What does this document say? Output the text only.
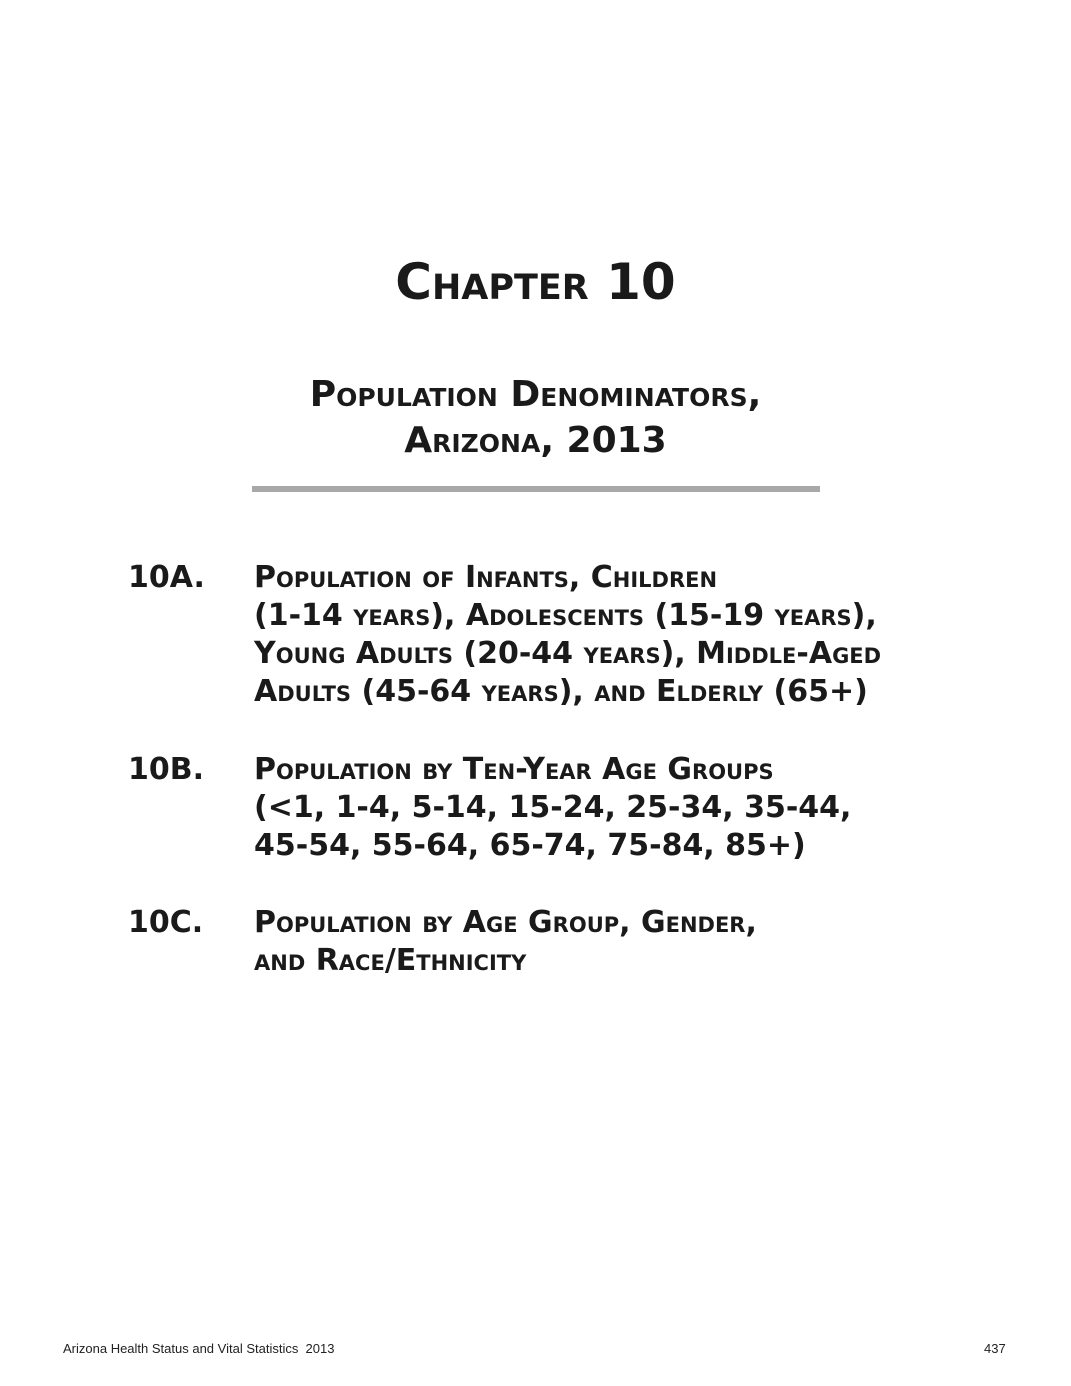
Chapter 10
Population Denominators,
Arizona, 2013
10A. Population of Infants, Children
(1-14 years), Adolescents (15-19 years),
Young Adults (20-44 years), Middle-Aged
Adults (45-64 years), and Elderly (65+)
10B. Population by Ten-Year Age Groups
(<1, 1-4, 5-14, 15-24, 25-34, 35-44,
45-54, 55-64, 65-74, 75-84, 85+)
10C. Population by Age Group, Gender,
and Race/Ethnicity
Arizona Health Status and Vital Statistics  2013	437
